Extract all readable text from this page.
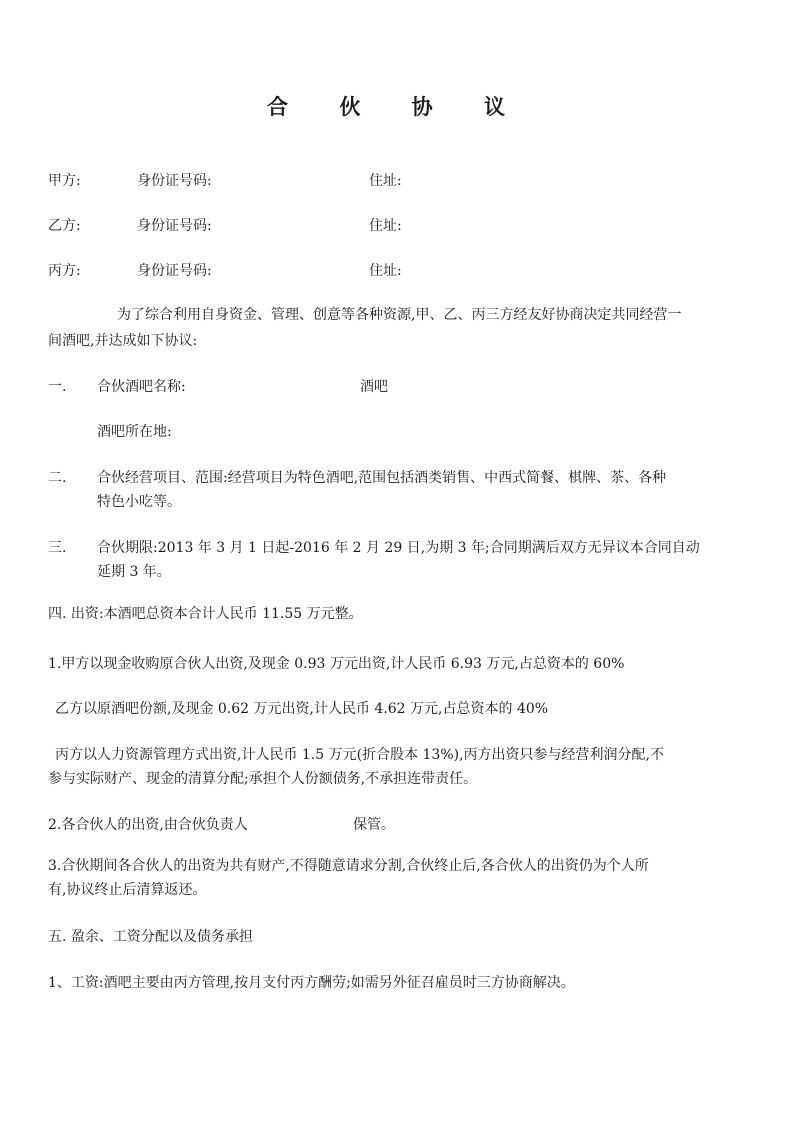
合 伙 协 议
甲方:	身份证号码:	住址:
乙方:	身份证号码:	住址:
丙方:	身份证号码:	住址:
为了综合利用自身资金、管理、创意等各种资源,甲、乙、丙三方经友好协商决定共同经营一
间酒吧,并达成如下协议:
一. 合伙酒吧名称:	酒吧
酒吧所在地:
二. 合伙经营项目、范围:经营项目为特色酒吧,范围包括酒类销售、中西式简餐、棋牌、茶、各种
特色小吃等。
三. 合伙期限:2013 年 3 月 1 日起-2016 年 2 月 29 日,为期 3 年;合同期满后双方无异议本合同自动
延期 3 年。
四. 出资:本酒吧总资本合计人民币 11.55 万元整。
1.甲方以现金收购原合伙人出资,及现金 0.93 万元出资,计人民币 6.93 万元,占总资本的 60%
乙方以原酒吧份额,及现金 0.62 万元出资,计人民币 4.62 万元,占总资本的 40%
丙方以人力资源管理方式出资,计人民币 1.5 万元(折合股本 13%),丙方出资只参与经营利润分配,不
参与实际财产、现金的清算分配;承担个人份额债务,不承担连带责任。
2.各合伙人的出资,由合伙负责人	保管。
3.合伙期间各合伙人的出资为共有财产,不得随意请求分割,合伙终止后,各合伙人的出资仍为个人所
有,协议终止后清算返还。
五. 盈余、工资分配以及债务承担
1、工资:酒吧主要由丙方管理,按月支付丙方酬劳;如需另外征召雇员时三方协商解决。
